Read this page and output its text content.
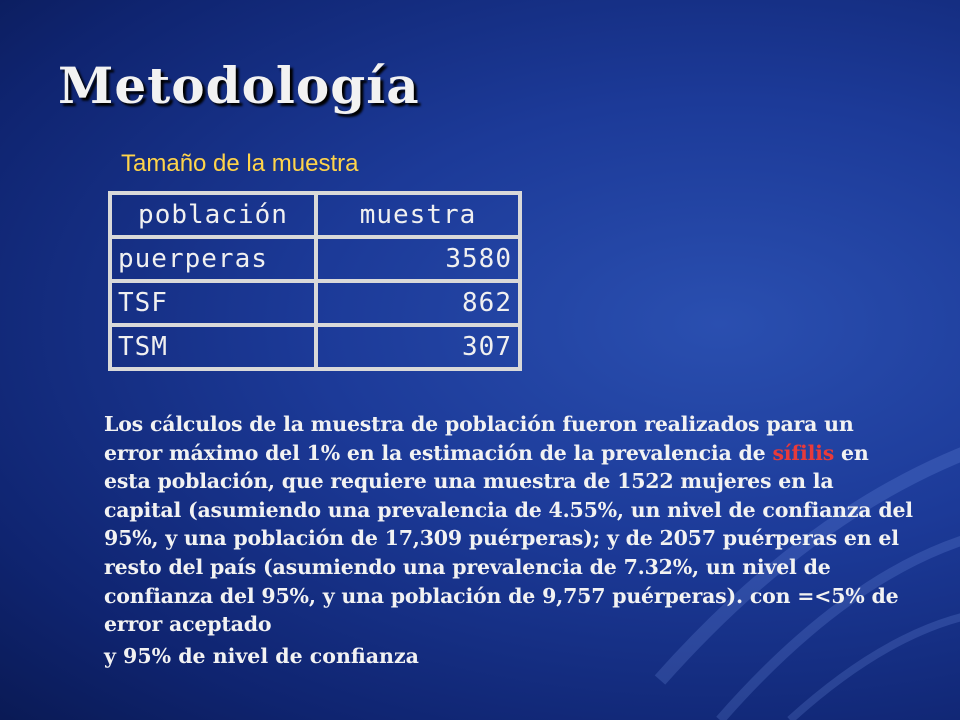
Metodología
Tamaño de la muestra
población	muestra
puerperas	3580
TSF	862
TSM	307

Los cálculos de la muestra de población fueron realizados para un error máximo del 1% en la estimación de la prevalencia de sífilis en esta población, que requiere una muestra de 1522 mujeres en la capital (asumiendo una prevalencia de 4.55%, un nivel de confianza del 95%, y una población de 17,309 puérperas); y de 2057 puérperas en el resto del país (asumiendo una prevalencia de 7.32%, un nivel de confianza del 95%, y una población de 9,757 puérperas). con =<5% de error aceptado

y 95% de nivel de confianza
